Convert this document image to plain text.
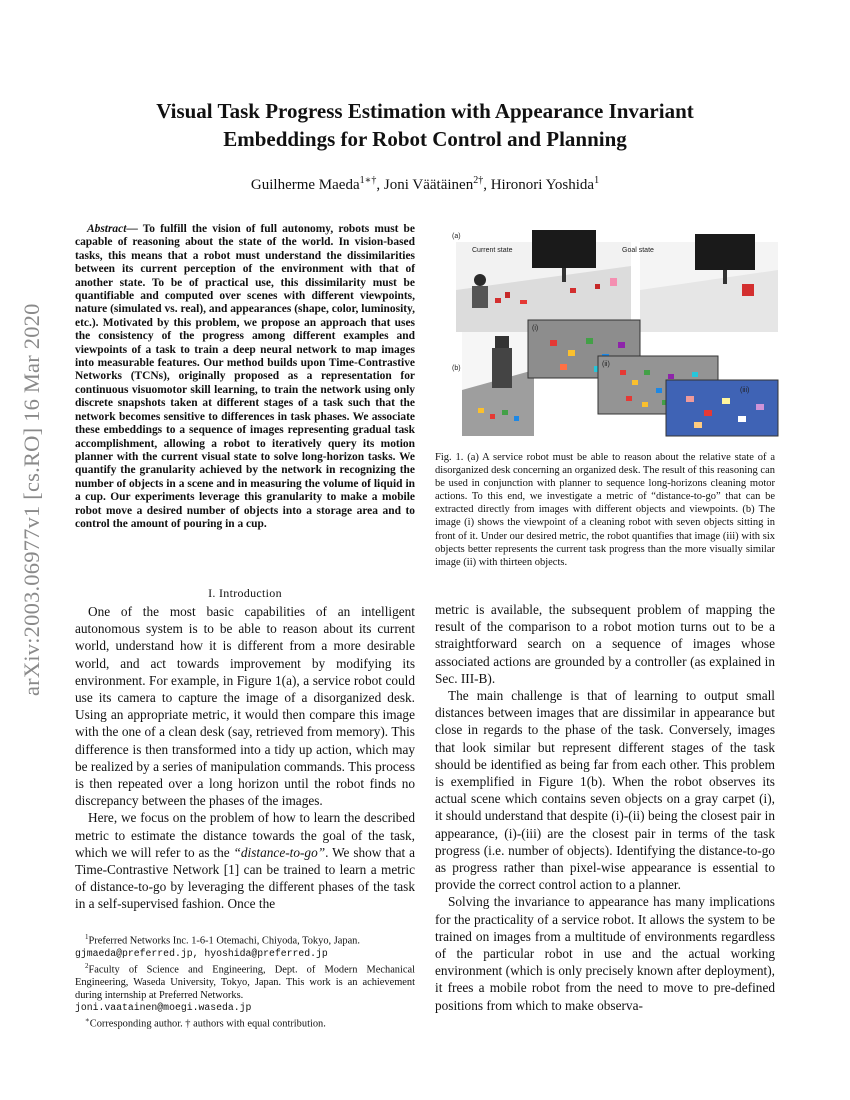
arXiv:2003.06977v1 [cs.RO] 16 Mar 2020
Visual Task Progress Estimation with Appearance Invariant
Embeddings for Robot Control and Planning
Guilherme Maeda$^{1∗\dagger}$, Joni Väätäinen$^{2\dagger}$, Hironori Yoshida$^1$

Abstract— To fulfill the vision of full autonomy, robots must be capable of reasoning about the state of the world. In vision-based tasks, this means that a robot must understand the dissimilarities between its current perception of the environment with that of another state. To be of practical use, this dissimilarity must be quantifiable and computed over scenes with different viewpoints, nature (simulated vs. real), and appearances (shape, color, luminosity, etc.). Motivated by this problem, we propose an approach that uses the consistency of the progress among different examples and viewpoints of a task to train a deep neural network to map images into measurable features. Our method builds upon Time-Contrastive Networks (TCNs), originally proposed as a representation for continuous visuomotor skill learning, to train the network using only discrete snapshots taken at different stages of a task such that the network becomes sensitive to differences in task phases. We associate these embeddings to a sequence of images representing gradual task accomplishment, allowing a robot to iteratively query its motion planner with the current visual state to solve long-horizon tasks. We quantify the granularity achieved by the network in recognizing the number of objects in a scene and in measuring the volume of liquid in a cup. Our experiments leverage this granularity to make a mobile robot move a desired number of objects into a storage area and to control the amount of pouring in a cup.

I. Introduction

One of the most basic capabilities of an intelligent autonomous system is to be able to reason about its current world, understand how it is different from a more desirable world, and act towards improvement by modifying its environment. For example, in Figure 1(a), a service robot could use its camera to capture the image of a disorganized desk. Using an appropriate metric, it would then compare this image with the one of a clean desk (say, retrieved from memory). This difference is then transformed into a tidy up action, which may be realized by a series of manipulation commands. This process is then repeated over a long horizon until the robot finds no discrepancy between the phases of the images.

Here, we focus on the problem of how to learn the described metric to estimate the distance towards the goal of the task, which we will refer to as the “distance-to-go”. We show that a Time-Contrastive Network [1] can be trained to learn a metric of distance-to-go by leveraging the different phases of the task in a self-supervised fashion. Once the

$^1$Preferred Networks Inc. 1-6-1 Otemachi, Chiyoda, Tokyo, Japan.
gjmaeda@preferred.jp, hyoshida@preferred.jp

$^2$Faculty of Science and Engineering, Dept. of Modern Mechanical Engineering, Waseda University, Tokyo, Japan. This work is an achievement during internship at Preferred Networks.
joni.vaatainen@moegi.waseda.jp

∗Corresponding author. † authors with equal contribution.

(a)
Current state	Goal state
(b)
(i)
(ii)
(iii)

Fig. 1. (a) A service robot must be able to reason about the relative state of a disorganized desk concerning an organized desk. The result of this reasoning can be used in conjunction with planner to sequence long-horizons cleaning motor actions. To this end, we investigate a metric of “distance-to-go” that can be extracted directly from images with different objects and viewpoints. (b) The image (i) shows the viewpoint of a cleaning robot with seven objects sitting in front of it. Under our desired metric, the robot quantifies that image (iii) with six objects better represents the current task progress than the more visually similar image (ii) with thirteen objects.

metric is available, the subsequent problem of mapping the result of the comparison to a robot motion turns out to be a straightforward search on a sequence of images whose associated actions are grounded by a controller (as explained in Sec. III-B).

The main challenge is that of learning to output small distances between images that are dissimilar in appearance but close in regards to the phase of the task. Conversely, images that look similar but represent different stages of the task should be identified as being far from each other. This problem is exemplified in Figure 1(b). When the robot observes its actual scene which contains seven objects on a gray carpet (i), it should understand that despite (i)-(ii) being the closest pair in appearance, (i)-(iii) are the closest pair in terms of the task progress (i.e. number of objects). Identifying the distance-to-go as progress rather than pixel-wise appearance is essential to provide the correct control action to a planner.

Solving the invariance to appearance has many implications for the practicality of a service robot. It allows the system to be trained on images from a multitude of environments regardless of the particular robot in use and the actual working environment (which is only precisely known after deployment), it frees a mobile robot from the need to move to pre-defined positions from which to make observa-
